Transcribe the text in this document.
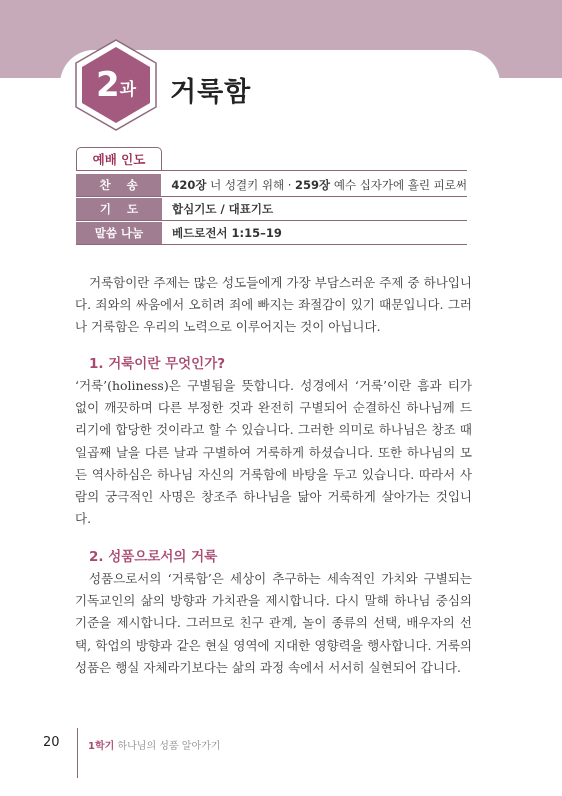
2 과 거룩함
예배 인도
찬    송	420장 너 성결키 위해 · 259장 예수 십자가에 흘린 피로써
기    도	합심기도 / 대표기도
말씀 나눔	베드로전서 1:15–19

거룩함이란 주제는 많은 성도들에게 가장 부담스러운 주제 중 하나입니다. 죄와의 싸움에서 오히려 죄에 빠지는 좌절감이 있기 때문입니다. 그러나 거룩함은 우리의 노력으로 이루어지는 것이 아닙니다.

1. 거룩이란 무엇인가?

‘거룩’(holiness)은 구별됨을 뜻합니다. 성경에서 ‘거룩’이란 흠과 티가 없이 깨끗하며 다른 부정한 것과 완전히 구별되어 순결하신 하나님께 드리기에 합당한 것이라고 할 수 있습니다. 그러한 의미로 하나님은 창조 때 일곱째 날을 다른 날과 구별하여 거룩하게 하셨습니다. 또한 하나님의 모든 역사하심은 하나님 자신의 거룩함에 바탕을 두고 있습니다. 따라서 사람의 궁극적인 사명은 창조주 하나님을 닮아 거룩하게 살아가는 것입니다.

2. 성품으로서의 거룩

성품으로서의 ‘거룩함’은 세상이 추구하는 세속적인 가치와 구별되는 기독교인의 삶의 방향과 가치관을 제시합니다. 다시 말해 하나님 중심의 기준을 제시합니다. 그러므로 친구 관계, 놀이 종류의 선택, 배우자의 선택, 학업의 방향과 같은 현실 영역에 지대한 영향력을 행사합니다. 거룩의 성품은 행실 자체라기보다는 삶의 과정 속에서 서서히 실현되어 갑니다.

20	1학기 하나님의 성품 알아가기
